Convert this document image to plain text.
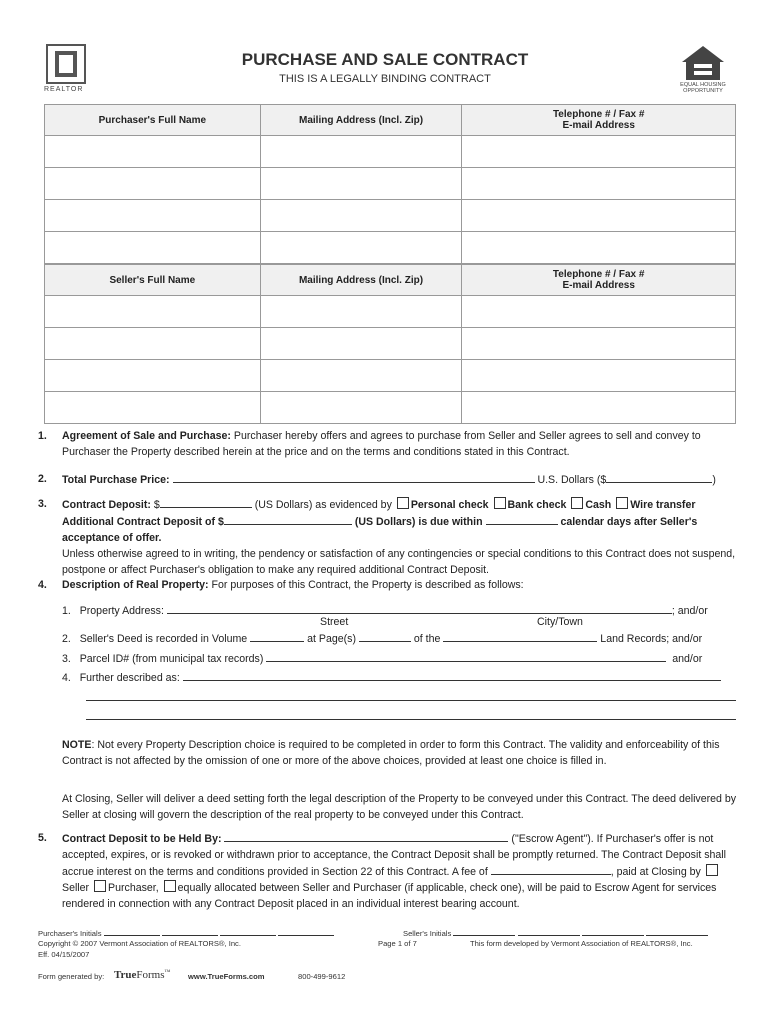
REALTOR
EQUAL HOUSING OPPORTUNITY
PURCHASE AND SALE CONTRACT
THIS IS A LEGALLY BINDING CONTRACT
Purchaser's Full Name	Mailing Address (Incl. Zip)	Telephone # / Fax #
E-mail Address

Seller's Full Name	Mailing Address (Incl. Zip)	Telephone # / Fax #
E-mail Address

1. Agreement of Sale and Purchase: Purchaser hereby offers and agrees to purchase from Seller and Seller agrees to sell and convey to Purchaser the Property described herein at the price and on the terms and conditions stated in this Contract.
2. Total Purchase Price:	U.S. Dollars ($	)
3. Contract Deposit: $	(US Dollars) as evidenced by Personal check Bank check Cash Wire transfer
Additional Contract Deposit of $	(US Dollars) is due within	calendar days after Seller's
acceptance of offer.
Unless otherwise agreed to in writing, the pendency or satisfaction of any contingencies or special conditions to this Contract does not suspend, postpone or affect Purchaser's obligation to make any required additional Contract Deposit.
4. Description of Real Property: For purposes of this Contract, the Property is described as follows:
1. Property Address:	; and/or
Street	City/Town
2. Seller's Deed is recorded in Volume	at Page(s)	of the	Land Records; and/or
3. Parcel ID# (from municipal tax records)	and/or
4. Further described as:
NOTE: Not every Property Description choice is required to be completed in order to form this Contract. The validity and enforceability of this Contract is not affected by the omission of one or more of the above choices, provided at least one choice is filled in.
At Closing, Seller will deliver a deed setting forth the legal description of the Property to be conveyed under this Contract. The deed delivered by Seller at closing will govern the description of the real property to be conveyed under this Contract.
5. Contract Deposit to be Held By:	("Escrow Agent"). If Purchaser's offer is not accepted, expires, or is revoked or withdrawn prior to acceptance, the Contract Deposit shall be promptly returned. The Contract Deposit shall accrue interest on the terms and conditions provided in Section 22 of this Contract. A fee of	, paid at Closing by Seller Purchaser, equally allocated between Seller and Purchaser (if applicable, check one), will be paid to Escrow Agent for services rendered in connection with any Contract Deposit placed in an individual interest bearing account.
Purchaser's Initials	Seller's Initials
Copyright © 2007 Vermont Association of REALTORS®, Inc.	Page 1 of 7	This form developed by Vermont Association of REALTORS®, Inc.
Eff. 04/15/2007
Form generated by: TrueForms™ www.TrueForms.com	800-499-9612
